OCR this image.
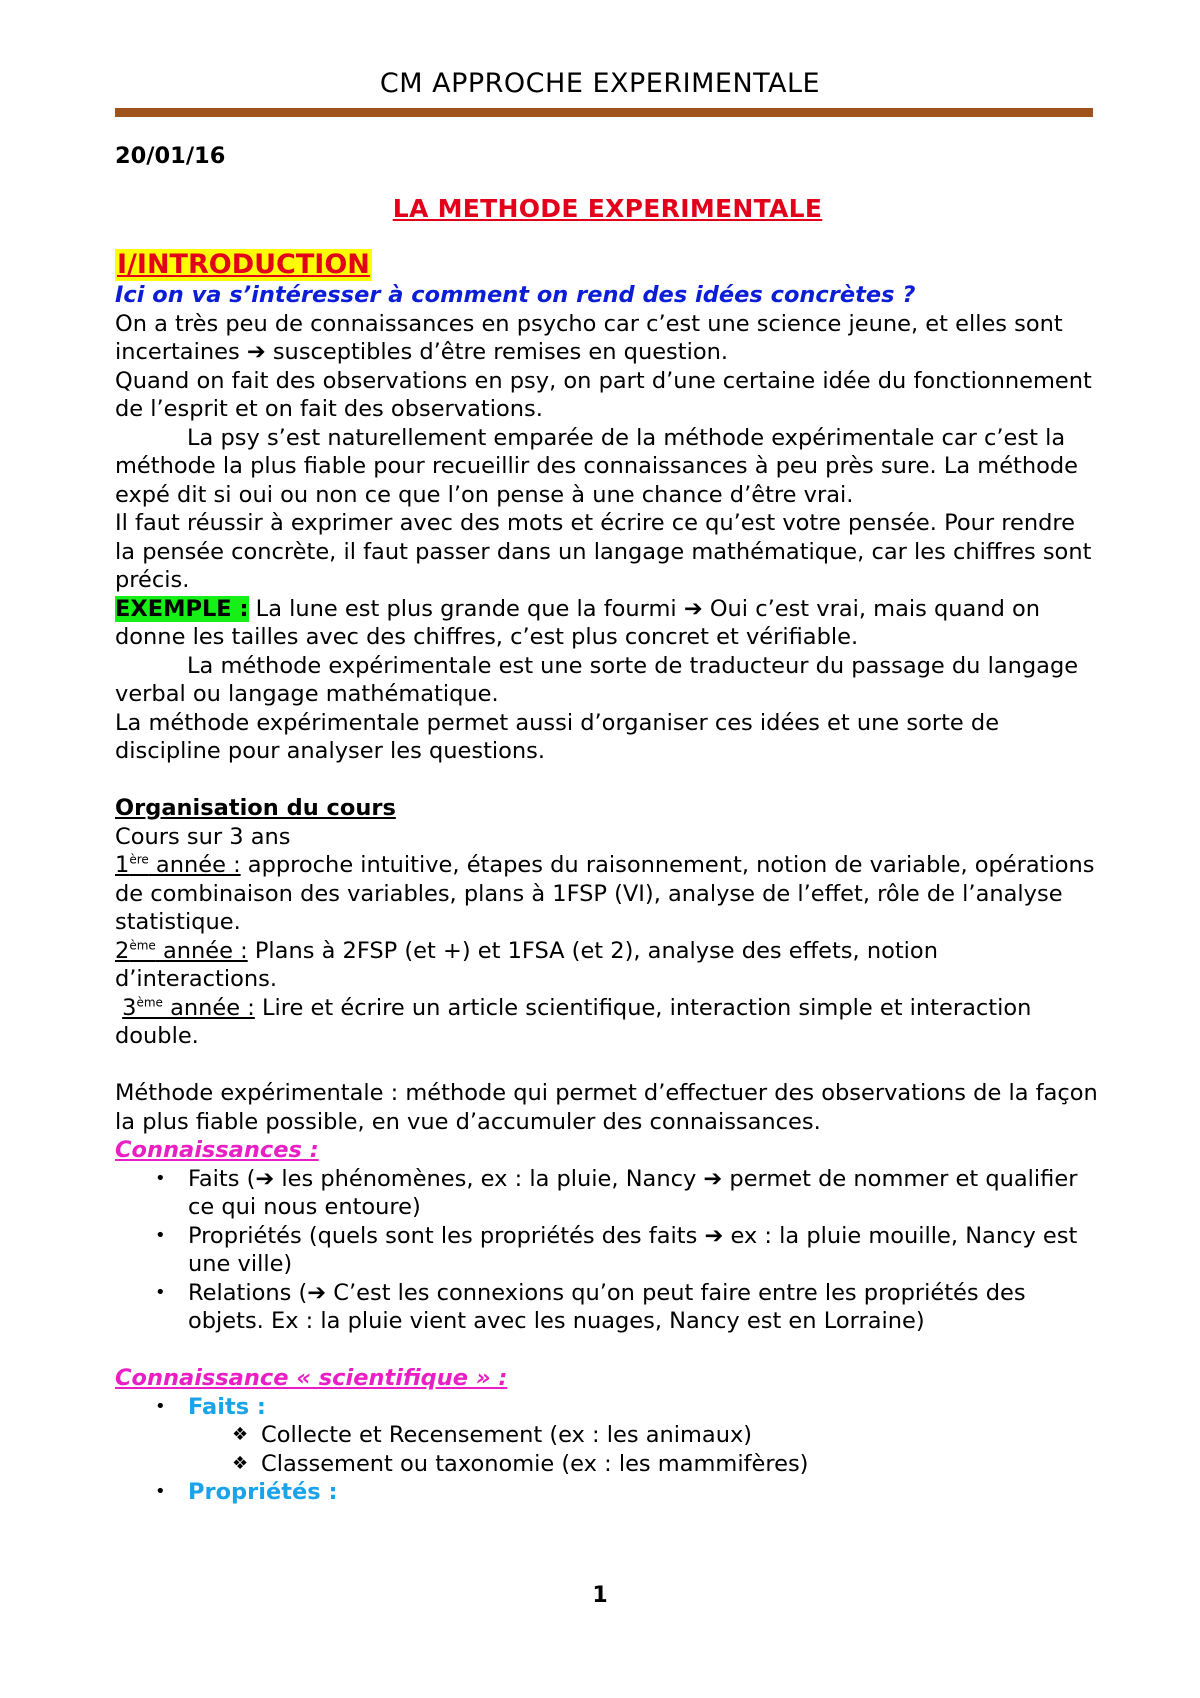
CM APPROCHE EXPERIMENTALE

20/01/16

LA METHODE EXPERIMENTALE

I/INTRODUCTION

Ici on va s’intéresser à comment on rend des idées concrètes ?

On a très peu de connaissances en psycho car c’est une science jeune, et elles sont incertaines ➔ susceptibles d’être remises en question.

Quand on fait des observations en psy, on part d’une certaine idée du fonctionnement de l’esprit et on fait des observations.

La psy s’est naturellement emparée de la méthode expérimentale car c’est la méthode la plus fiable pour recueillir des connaissances à peu près sure. La méthode expé dit si oui ou non ce que l’on pense à une chance d’être vrai.

Il faut réussir à exprimer avec des mots et écrire ce qu’est votre pensée. Pour rendre la pensée concrète, il faut passer dans un langage mathématique, car les chiffres sont précis.

EXEMPLE : La lune est plus grande que la fourmi ➔ Oui c’est vrai, mais quand on donne les tailles avec des chiffres, c’est plus concret et vérifiable.

La méthode expérimentale est une sorte de traducteur du passage du langage verbal ou langage mathématique.

La méthode expérimentale permet aussi d’organiser ces idées et une sorte de discipline pour analyser les questions.

Organisation du cours

Cours sur 3 ans

1ère année : approche intuitive, étapes du raisonnement, notion de variable, opérations de combinaison des variables, plans à 1FSP (VI), analyse de l’effet, rôle de l’analyse statistique.

2ème année : Plans à 2FSP (et +) et 1FSA (et 2), analyse des effets, notion d’interactions.

3ème année : Lire et écrire un article scientifique, interaction simple et interaction double.

Méthode expérimentale : méthode qui permet d’effectuer des observations de la façon la plus fiable possible, en vue d’accumuler des connaissances.

Connaissances :

• Faits (➔ les phénomènes, ex : la pluie, Nancy ➔ permet de nommer et qualifier ce qui nous entoure)
• Propriétés (quels sont les propriétés des faits ➔ ex : la pluie mouille, Nancy est une ville)
• Relations (➔ C’est les connexions qu’on peut faire entre les propriétés des objets. Ex : la pluie vient avec les nuages, Nancy est en Lorraine)

Connaissance « scientifique » :

• Faits :
❖ Collecte et Recensement (ex : les animaux)
❖ Classement ou taxonomie (ex : les mammifères)
• Propriétés :
1
